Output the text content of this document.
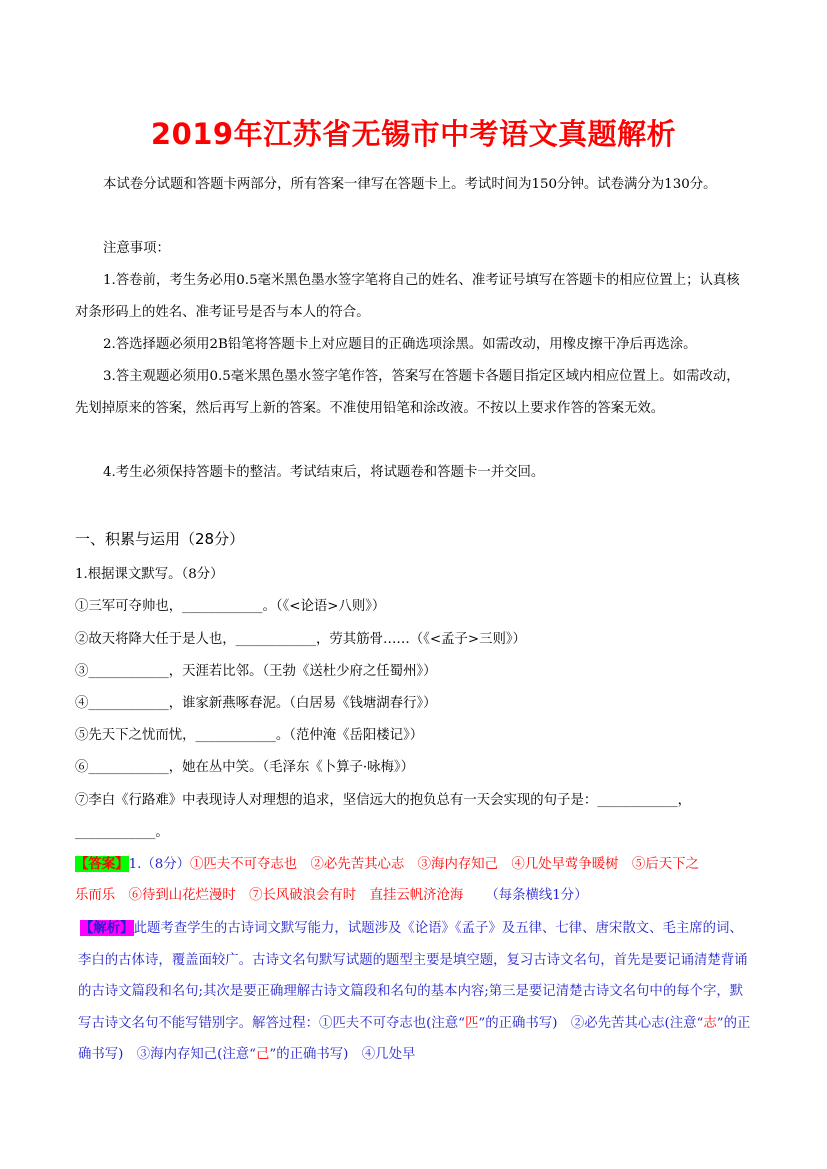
2019年江苏省无锡市中考语文真题解析
本试卷分试题和答题卡两部分，所有答案一律写在答题卡上。考试时间为150分钟。试卷满分为130分。
注意事项：
1.答卷前，考生务必用0.5毫米黑色墨水签字笔将自己的姓名、准考证号填写在答题卡的相应位置上；认真核对条形码上的姓名、准考证号是否与本人的符合。
2.答选择题必须用2B铅笔将答题卡上对应题目的正确选项涂黑。如需改动，用橡皮擦干净后再选涂。
3.答主观题必须用0.5毫米黑色墨水签字笔作答，答案写在答题卡各题目指定区域内相应位置上。如需改动，先划掉原来的答案，然后再写上新的答案。不准使用铅笔和涂改液。不按以上要求作答的答案无效。
4.考生必须保持答题卡的整洁。考试结束后，将试题卷和答题卡一并交回。
一、积累与运用（28分）
1.根据课文默写。（8分）
①三军可夺帅也，____________。（《<论语>八则》）
②故天将降大任于是人也，____________，劳其筋骨……（《<孟子>三则》）
③____________，天涯若比邻。（王勃《送杜少府之任蜀州》）
④____________，谁家新燕啄春泥。（白居易《钱塘湖春行》）
⑤先天下之忧而忧，____________。（范仲淹《岳阳楼记》）
⑥____________，她在丛中笑。（毛泽东《卜算子·咏梅》）
⑦李白《行路难》中表现诗人对理想的追求，坚信远大的抱负总有一天会实现的句子是：____________，
____________。
【答案】1.（8分）①匹夫不可夺志也　②必先苦其心志　③海内存知己　④几处早莺争暖树　⑤后天下之
乐而乐　⑥待到山花烂漫时　⑦长风破浪会有时　直挂云帆济沧海 （每条横线1分）
【解析】此题考查学生的古诗词文默写能力，试题涉及《论语》《孟子》及五律、七律、唐宋散文、毛主席的词、李白的古体诗，覆盖面较广。古诗文名句默写试题的题型主要是填空题，复习古诗文名句，首先是要记诵清楚背诵的古诗文篇段和名句;其次是要正确理解古诗文篇段和名句的基本内容;第三是要记清楚古诗文名句中的每个字，默写古诗文名句不能写错别字。解答过程：①匹夫不可夺志也(注意“匹”的正确书写)　②必先苦其心志(注意“志”的正确书写)　③海内存知己(注意“己”的正确书写)　④几处早
